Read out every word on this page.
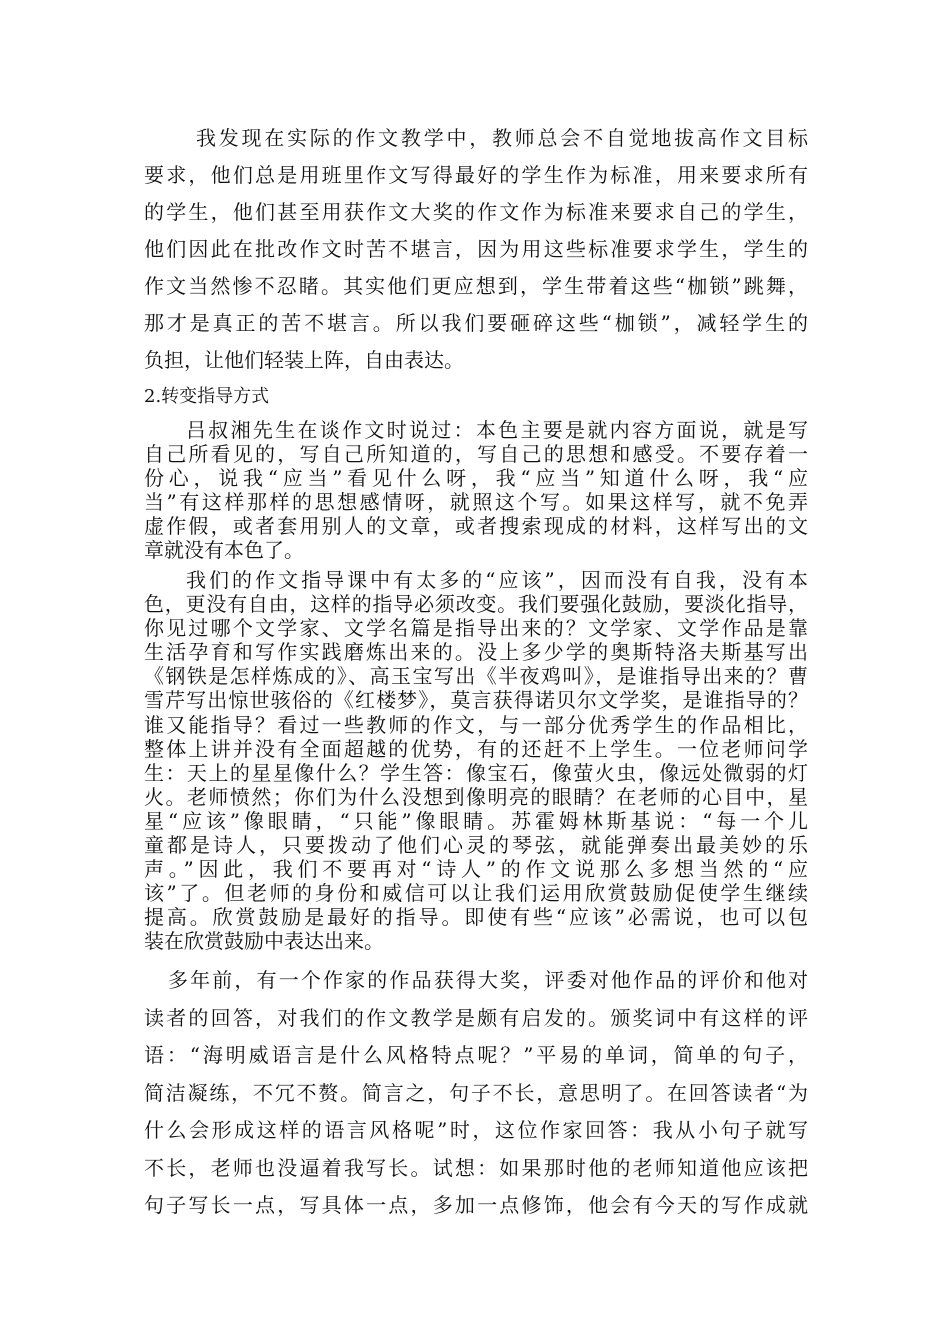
我发现在实际的作文教学中，教师总会不自觉地拔高作文目标
要求，他们总是用班里作文写得最好的学生作为标准，用来要求所有
的学生，他们甚至用获作文大奖的作文作为标准来要求自己的学生，
他们因此在批改作文时苦不堪言，因为用这些标准要求学生，学生的
作文当然惨不忍睹。其实他们更应想到，学生带着这些“枷锁”跳舞，
那才是真正的苦不堪言。所以我们要砸碎这些“枷锁”，减轻学生的
负担，让他们轻装上阵，自由表达。
2.转变指导方式
吕叔湘先生在谈作文时说过：本色主要是就内容方面说，就是写
自己所看见的，写自己所知道的，写自己的思想和感受。不要存着一
份心，说我“应当”看见什么呀，我“应当”知道什么呀，我“应
当”有这样那样的思想感情呀，就照这个写。如果这样写，就不免弄
虚作假，或者套用别人的文章，或者搜索现成的材料，这样写出的文
章就没有本色了。
我们的作文指导课中有太多的“应该”，因而没有自我，没有本
色，更没有自由，这样的指导必须改变。我们要强化鼓励，要淡化指导，
你见过哪个文学家、文学名篇是指导出来的？文学家、文学作品是靠
生活孕育和写作实践磨炼出来的。没上多少学的奥斯特洛夫斯基写出
《钢铁是怎样炼成的》、高玉宝写出《半夜鸡叫》，是谁指导出来的？曹
雪芹写出惊世骇俗的《红楼梦》，莫言获得诺贝尔文学奖，是谁指导的？
谁又能指导？看过一些教师的作文，与一部分优秀学生的作品相比，
整体上讲并没有全面超越的优势，有的还赶不上学生。一位老师问学
生：天上的星星像什么？学生答：像宝石，像萤火虫，像远处微弱的灯
火。老师愤然；你们为什么没想到像明亮的眼睛？在老师的心目中，星
星“应该”像眼睛，“只能”像眼睛。苏霍姆林斯基说：“每一个儿
童都是诗人，只要拨动了他们心灵的琴弦，就能弹奏出最美妙的乐
声。”因此，我们不要再对“诗人”的作文说那么多想当然的“应
该”了。但老师的身份和威信可以让我们运用欣赏鼓励促使学生继续
提高。欣赏鼓励是最好的指导。即使有些“应该”必需说，也可以包
装在欣赏鼓励中表达出来。
多年前，有一个作家的作品获得大奖，评委对他作品的评价和他对
读者的回答，对我们的作文教学是颇有启发的。颁奖词中有这样的评
语：“海明威语言是什么风格特点呢？”平易的单词，简单的句子，
简洁凝练，不冗不赘。简言之，句子不长，意思明了。在回答读者“为
什么会形成这样的语言风格呢”时，这位作家回答：我从小句子就写
不长，老师也没逼着我写长。试想：如果那时他的老师知道他应该把
句子写长一点，写具体一点，多加一点修饰，他会有今天的写作成就
